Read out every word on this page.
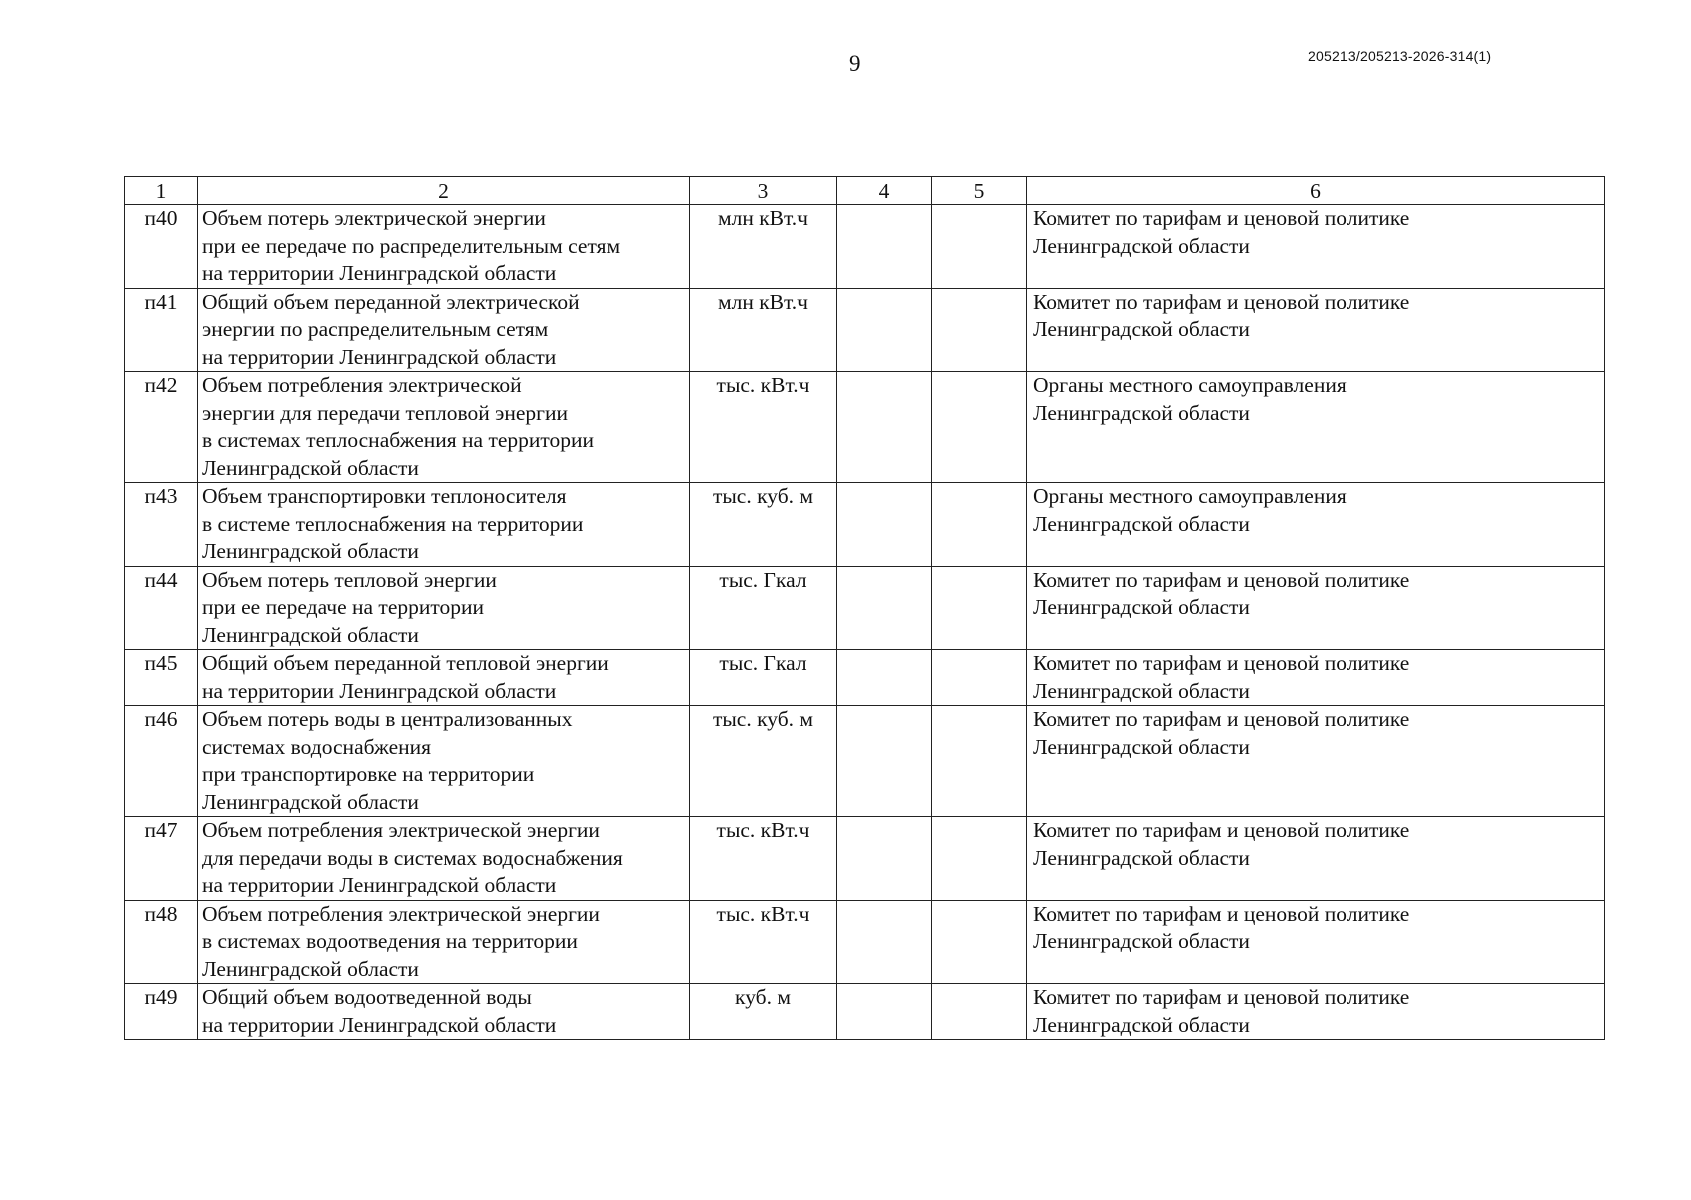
9	205213/205213-2026-314(1)
1	2	3	4	5	6
п40	Объем потерь электрической энергии
при ее передаче по распределительным сетям
на территории Ленинградской области	млн кВт.ч			Комитет по тарифам и ценовой политике
Ленинградской области

п41	Общий объем переданной электрической
энергии по распределительным сетям
на территории Ленинградской области	млн кВт.ч			Комитет по тарифам и ценовой политике
Ленинградской области

п42	Объем потребления электрической
энергии для передачи тепловой энергии
в системах теплоснабжения на территории
Ленинградской области	тыс. кВт.ч			Органы местного самоуправления
Ленинградской области

п43	Объем транспортировки теплоносителя
в системе теплоснабжения на территории
Ленинградской области	тыс. куб. м			Органы местного самоуправления
Ленинградской области

п44	Объем потерь тепловой энергии
при ее передаче на территории
Ленинградской области	тыс. Гкал			Комитет по тарифам и ценовой политике
Ленинградской области

п45	Общий объем переданной тепловой энергии
на территории Ленинградской области	тыс. Гкал			Комитет по тарифам и ценовой политике
Ленинградской области

п46	Объем потерь воды в централизованных
системах водоснабжения
при транспортировке на территории
Ленинградской области	тыс. куб. м			Комитет по тарифам и ценовой политике
Ленинградской области

п47	Объем потребления электрической энергии
для передачи воды в системах водоснабжения
на территории Ленинградской области	тыс. кВт.ч			Комитет по тарифам и ценовой политике
Ленинградской области

п48	Объем потребления электрической энергии
в системах водоотведения на территории
Ленинградской области	тыс. кВт.ч			Комитет по тарифам и ценовой политике
Ленинградской области

п49	Общий объем водоотведенной воды
на территории Ленинградской области	куб. м			Комитет по тарифам и ценовой политике
Ленинградской области
